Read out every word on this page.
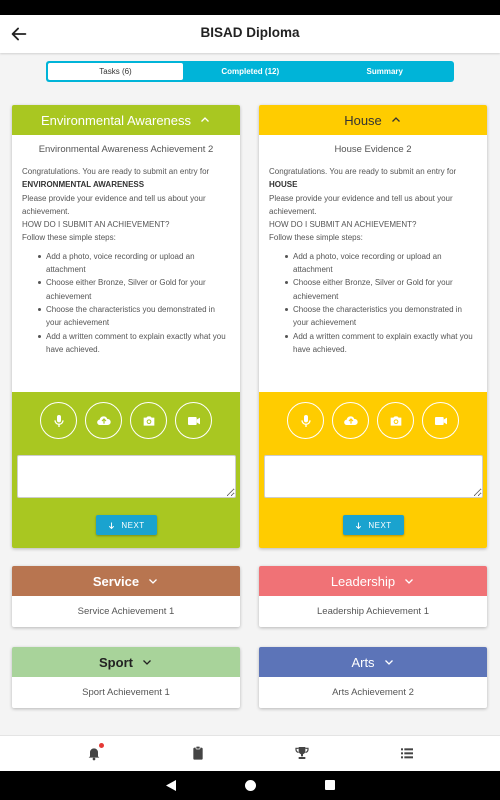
BISAD Diploma
Tasks (6)	Completed (12)	Summary
Environmental Awareness
Environmental Awareness Achievement 2
Congratulations. You are ready to submit an entry for
ENVIRONMENTAL AWARENESS
Please provide your evidence and tell us about your achievement.
HOW DO I SUBMIT AN ACHIEVEMENT?
Follow these simple steps:
Add a photo, voice recording or upload an attachment
Choose either Bronze, Silver or Gold for your achievement
Choose the characteristics you demonstrated in your achievement
Add a written comment to explain exactly what you have achieved.
NEXT
House
House Evidence 2
Congratulations. You are ready to submit an entry for
HOUSE
Please provide your evidence and tell us about your achievement.
HOW DO I SUBMIT AN ACHIEVEMENT?
Follow these simple steps:
Add a photo, voice recording or upload an attachment
Choose either Bronze, Silver or Gold for your achievement
Choose the characteristics you demonstrated in your achievement
Add a written comment to explain exactly what you have achieved.
NEXT
Service
Service Achievement 1
Leadership
Leadership Achievement 1
Sport
Sport Achievement 1
Arts
Arts Achievement 2
